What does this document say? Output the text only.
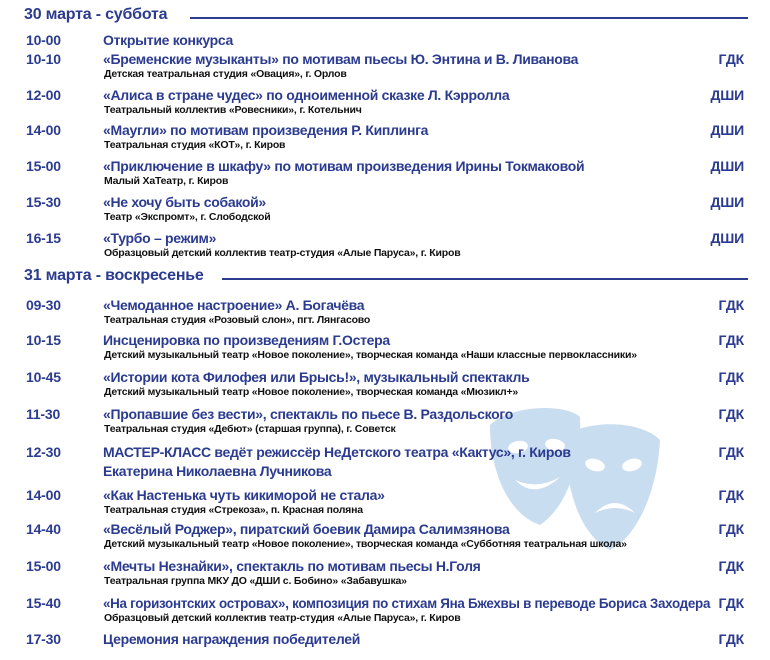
30 марта - суббота
10-00	Открытие конкурса
10-10	«Бременские музыканты» по мотивам пьесы Ю. Энтина и В. Ливанова	ГДК
Детская театральная студия «Овация», г. Орлов
12-00	«Алиса в стране чудес» по одноименной сказке Л. Кэрролла	ДШИ
Театральный коллектив «Ровесники», г. Котельнич
14-00	«Маугли» по мотивам произведения Р. Киплинга	ДШИ
Театральная студия «КОТ», г. Киров
15-00	«Приключение в шкафу» по мотивам произведения Ирины Токмаковой	ДШИ
Малый ХаТеатр, г. Киров
15-30	«Не хочу быть собакой»	ДШИ
Театр «Экспромт», г. Слободской
16-15	«Турбо – режим»	ДШИ
Образцовый детский коллектив театр-студия «Алые Паруса», г. Киров
31 марта - воскресенье
09-30	«Чемоданное настроение» А. Богачёва	ГДК
Театральная студия «Розовый слон», пгт. Лянгасово
10-15	Инсценировка по произведениям Г.Остера	ГДК
Детский музыкальный театр «Новое поколение», творческая команда «Наши классные первоклассники»
10-45	«Истории кота Филофея или Брысь!», музыкальный спектакль	ГДК
Детский музыкальный театр «Новое поколение», творческая команда «Мюзикл+»
11-30	«Пропавшие без вести», спектакль по пьесе В. Раздольского	ГДК
Театральная студия «Дебют» (старшая группа), г. Советск
12-30	МАСТЕР-КЛАСС ведёт режиссёр НеДетского театра «Кактус», г. Киров	ГДК
Екатерина Николаевна Лучникова
14-00	«Как Настенька чуть кикиморой не стала»	ГДК
Театральная студия «Стрекоза», п. Красная поляна
14-40	«Весёлый Роджер», пиратский боевик Дамира Салимзянова	ГДК
Детский музыкальный театр «Новое поколение», творческая команда «Субботняя театральная школа»
15-00	«Мечты Незнайки», спектакль по мотивам пьесы Н.Голя	ГДК
Театральная группа МКУ ДО «ДШИ с. Бобино» «Забавушка»
15-40	«На горизонтских островах», композиция по стихам Яна Бжехвы в переводе Бориса Заходера ГДК
Образцовый детский коллектив театр-студия «Алые Паруса», г. Киров
17-30	Церемония награждения победителей	ГДК
